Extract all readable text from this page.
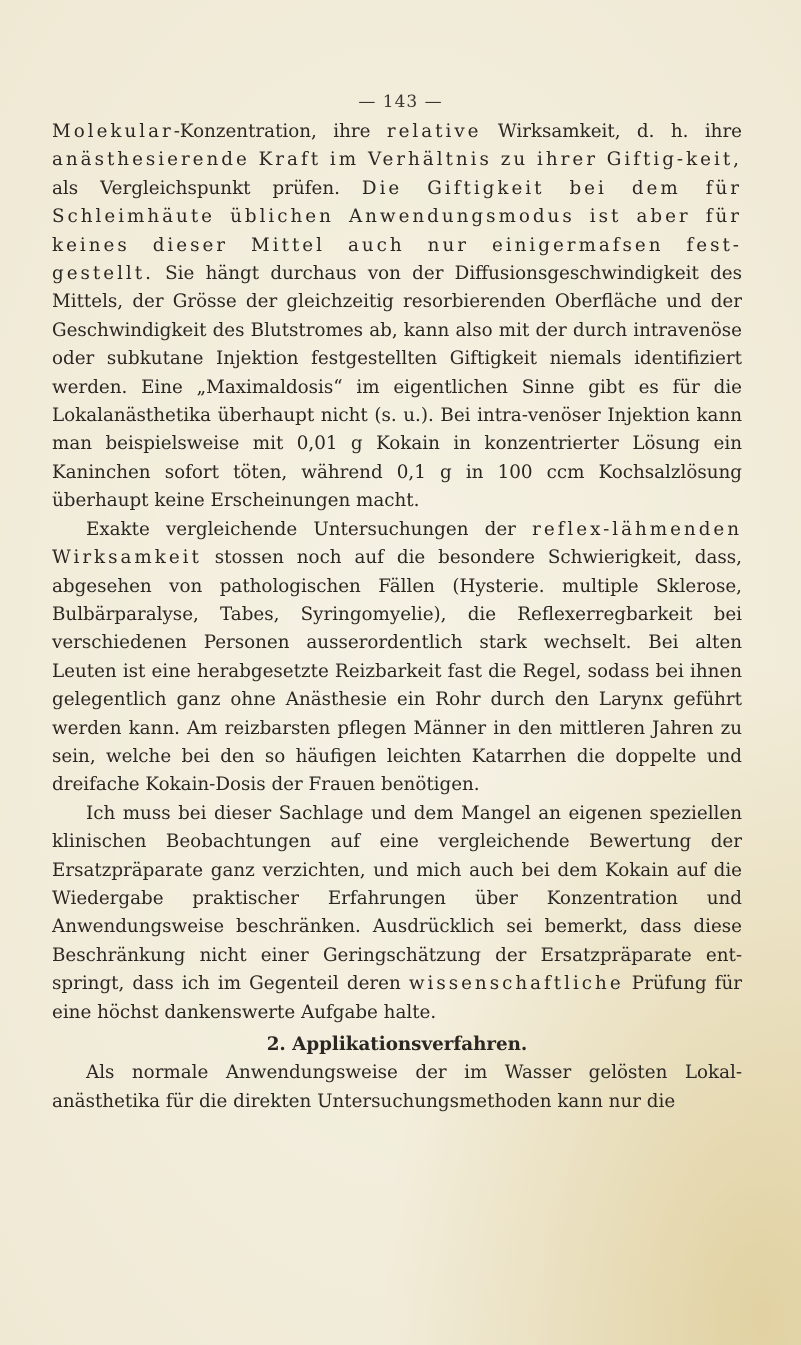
— 143 —

Molekular-Konzentration, ihre relative Wirksamkeit, d. h. ihre anästhesierende Kraft im Verhältnis zu ihrer Giftig-keit, als Vergleichspunkt prüfen. Die Giftigkeit bei dem für Schleimhäute üblichen Anwendungsmodus ist aber für keines dieser Mittel auch nur einigermafsen fest-gestellt. Sie hängt durchaus von der Diffusionsgeschwindigkeit des Mittels, der Grösse der gleichzeitig resorbierenden Oberfläche und der Geschwindigkeit des Blutstromes ab, kann also mit der durch intravenöse oder subkutane Injektion festgestellten Giftigkeit niemals identifiziert werden. Eine „Maximaldosis“ im eigentlichen Sinne gibt es für die Lokalanästhetika überhaupt nicht (s. u.). Bei intra-venöser Injektion kann man beispielsweise mit 0,01 g Kokain in konzentrierter Lösung ein Kaninchen sofort töten, während 0,1 g in 100 ccm Kochsalzlösung überhaupt keine Erscheinungen macht.

Exakte vergleichende Untersuchungen der reflex-lähmenden Wirksamkeit stossen noch auf die besondere Schwierigkeit, dass, abgesehen von pathologischen Fällen (Hysterie. multiple Sklerose, Bulbärparalyse, Tabes, Syringomyelie), die Reflexerregbarkeit bei verschiedenen Personen ausserordentlich stark wechselt. Bei alten Leuten ist eine herabgesetzte Reizbarkeit fast die Regel, sodass bei ihnen gelegentlich ganz ohne Anästhesie ein Rohr durch den Larynx geführt werden kann. Am reizbarsten pflegen Männer in den mittleren Jahren zu sein, welche bei den so häufigen leichten Katarrhen die doppelte und dreifache Kokain-Dosis der Frauen benötigen.

Ich muss bei dieser Sachlage und dem Mangel an eigenen speziellen klinischen Beobachtungen auf eine vergleichende Bewertung der Ersatzpräparate ganz verzichten, und mich auch bei dem Kokain auf die Wiedergabe praktischer Erfahrungen über Konzentration und Anwendungsweise beschränken. Ausdrücklich sei bemerkt, dass diese Beschränkung nicht einer Geringschätzung der Ersatzpräparate ent-springt, dass ich im Gegenteil deren wissenschaftliche Prüfung für eine höchst dankenswerte Aufgabe halte.

2. Applikationsverfahren.

Als normale Anwendungsweise der im Wasser gelösten Lokal-anästhetika für die direkten Untersuchungsmethoden kann nur die
